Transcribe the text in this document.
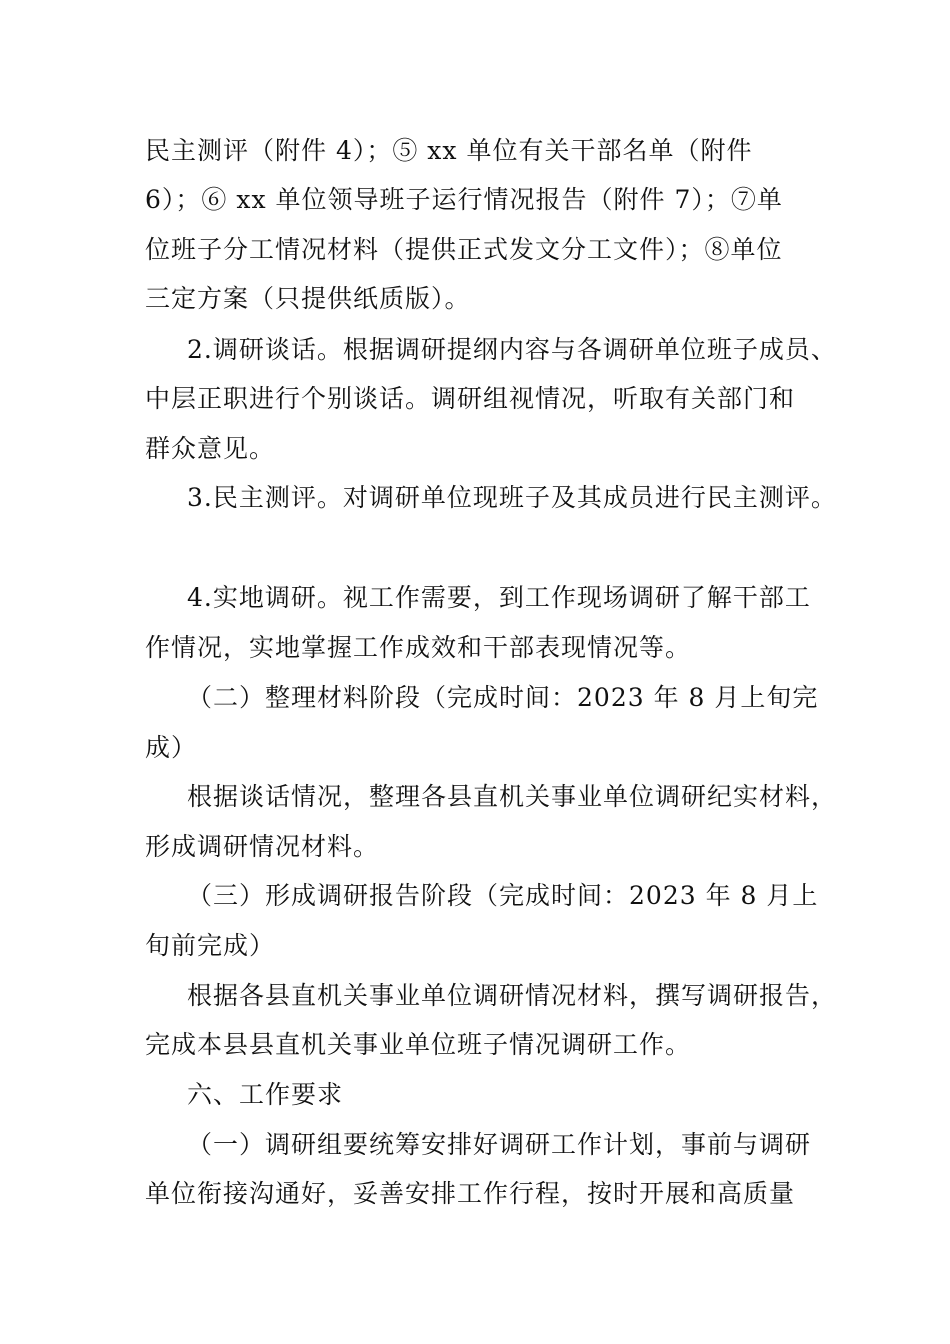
民主测评（附件 4）；⑤ xx 单位有关干部名单（附件
6）；⑥ xx 单位领导班子运行情况报告（附件 7）；⑦单
位班子分工情况材料（提供正式发文分工文件）；⑧单位
三定方案（只提供纸质版）。
2.调研谈话。根据调研提纲内容与各调研单位班子成员、
中层正职进行个别谈话。调研组视情况，听取有关部门和
群众意见。
3.民主测评。对调研单位现班子及其成员进行民主测评。
4.实地调研。视工作需要，到工作现场调研了解干部工
作情况，实地掌握工作成效和干部表现情况等。
（二）整理材料阶段（完成时间：2023 年 8 月上旬完
成）
根据谈话情况，整理各县直机关事业单位调研纪实材料，
形成调研情况材料。
（三）形成调研报告阶段（完成时间：2023 年 8 月上
旬前完成）
根据各县直机关事业单位调研情况材料，撰写调研报告，
完成本县县直机关事业单位班子情况调研工作。
六、工作要求
（一）调研组要统筹安排好调研工作计划，事前与调研
单位衔接沟通好，妥善安排工作行程，按时开展和高质量
